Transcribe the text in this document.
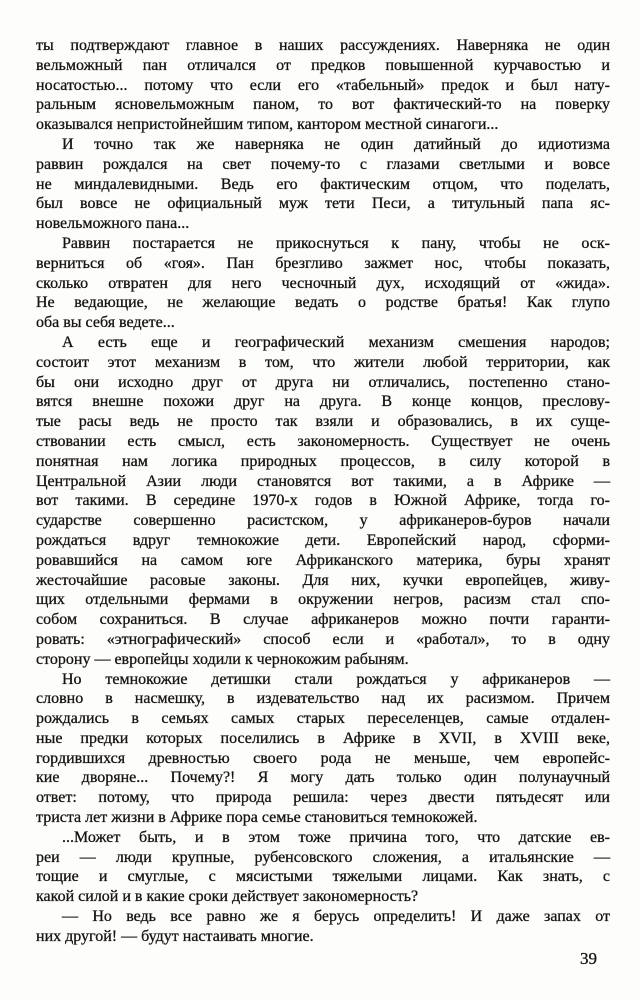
ты подтверждают главное в наших рассуждениях. Наверняка не один
вельможный пан отличался от предков повышенной курчавостью и
носатостью... потому что если его «табельный» предок и был нату-
ральным ясновельможным паном, то вот фактический-то на поверку
оказывался непристойнейшим типом, кантором местной синагоги...
И точно так же наверняка не один датийный до идиотизма
раввин рождался на свет почему-то с глазами светлыми и вовсе
не миндалевидными. Ведь его фактическим отцом, что поделать,
был вовсе не официальный муж тети Песи, а титульный папа яс-
новельможного пана...
Раввин постарается не прикоснуться к пану, чтобы не оск-
верниться об «гоя». Пан брезгливо зажмет нос, чтобы показать,
сколько отвратен для него чесночный дух, исходящий от «жида».
Не ведающие, не желающие ведать о родстве братья! Как глупо
оба вы себя ведете...
А есть еще и географический механизм смешения народов;
состоит этот механизм в том, что жители любой территории, как
бы они исходно друг от друга ни отличались, постепенно стано-
вятся внешне похожи друг на друга. В конце концов, преслову-
тые расы ведь не просто так взяли и образовались, в их суще-
ствовании есть смысл, есть закономерность. Существует не очень
понятная нам логика природных процессов, в силу которой в
Центральной Азии люди становятся вот такими, а в Африке —
вот такими. В середине 1970-х годов в Южной Африке, тогда го-
сударстве совершенно расистском, у африканеров-буров начали
рождаться вдруг темнокожие дети. Европейский народ, сформи-
ровавшийся на самом юге Африканского материка, буры хранят
жесточайшие расовые законы. Для них, кучки европейцев, живу-
щих отдельными фермами в окружении негров, расизм стал спо-
собом сохраниться. В случае африканеров можно почти гаранти-
ровать: «этнографический» способ если и «работал», то в одну
сторону — европейцы ходили к чернокожим рабыням.
Но темнокожие детишки стали рождаться у африканеров —
словно в насмешку, в издевательство над их расизмом. Причем
рождались в семьях самых старых переселенцев, самые отдален-
ные предки которых поселились в Африке в XVII, в XVIII веке,
гордившихся древностью своего рода не меньше, чем европейс-
кие дворяне... Почему?! Я могу дать только один полунаучный
ответ: потому, что природа решила: через двести пятьдесят или
триста лет жизни в Африке пора семье становиться темнокожей.
...Может быть, и в этом тоже причина того, что датские ев-
реи — люди крупные, рубенсовского сложения, а итальянские —
тощие и смуглые, с мясистыми тяжелыми лицами. Как знать, с
какой силой и в какие сроки действует закономерность?
— Но ведь все равно же я берусь определить! И даже запах от
них другой! — будут настаивать многие.
39
